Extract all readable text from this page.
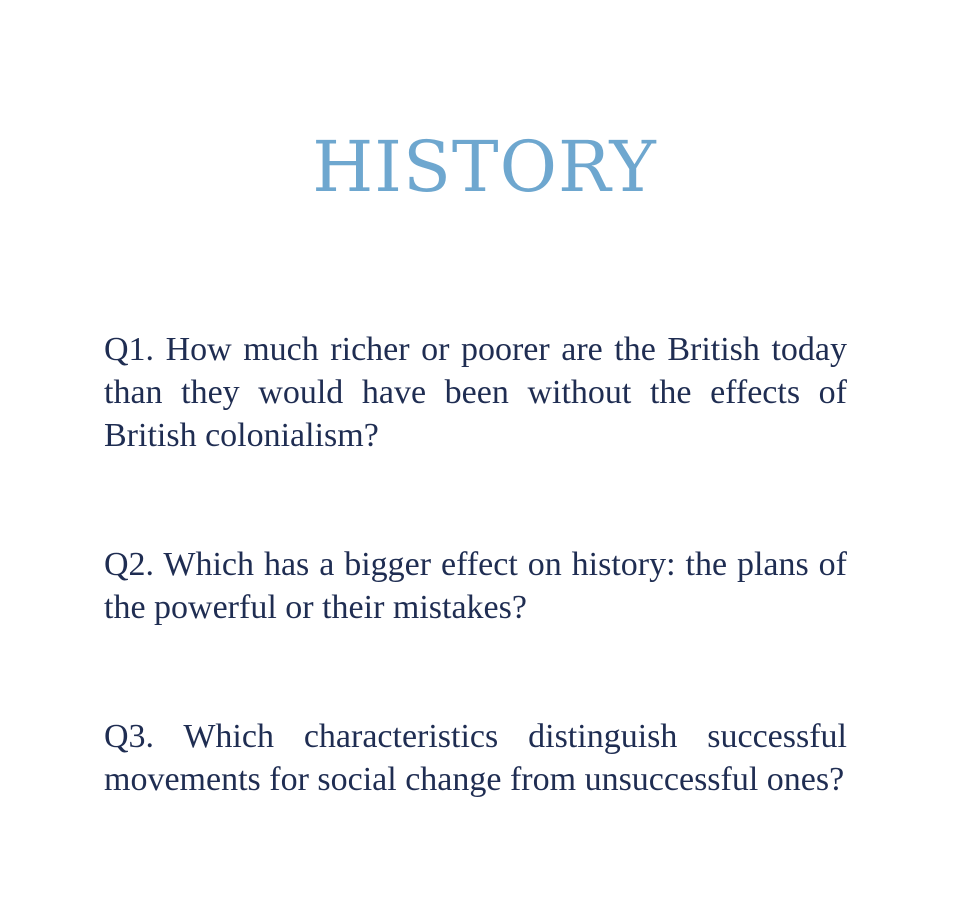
HISTORY

Q1. How much richer or poorer are the British today than they would have been without the effects of British colonialism?

Q2. Which has a bigger effect on history: the plans of the powerful or their mistakes?

Q3. Which characteristics distinguish successful movements for social change from unsuccessful ones?
